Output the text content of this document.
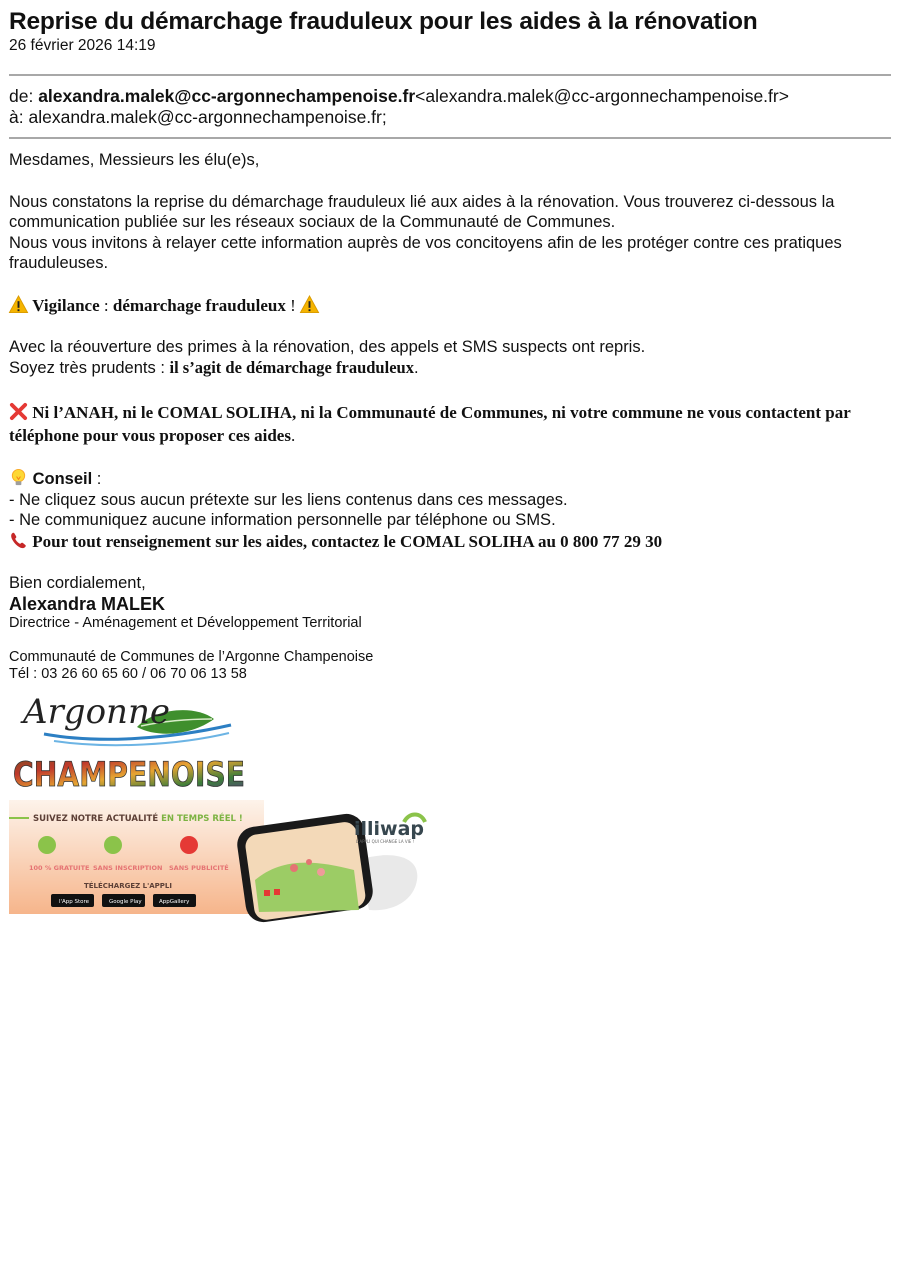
Reprise du démarchage frauduleux pour les aides à la rénovation
26 février 2026 14:19
de: alexandra.malek@cc-argonnechampenoise.fr<alexandra.malek@cc-argonnechampenoise.fr>
à: alexandra.malek@cc-argonnechampenoise.fr;
Mesdames, Messieurs les élu(e)s,
Nous constatons la reprise du démarchage frauduleux lié aux aides à la rénovation. Vous trouverez ci-dessous la
communication publiée sur les réseaux sociaux de la Communauté de Communes.
Nous vous invitons à relayer cette information auprès de vos concitoyens afin de les protéger contre ces pratiques
frauduleuses.
Vigilance : démarchage frauduleux !
Avec la réouverture des primes à la rénovation, des appels et SMS suspects ont repris.
Soyez très prudents : il s’agit de démarchage frauduleux.
Ni l’ANAH, ni le COMAL SOLIHA, ni la Communauté de Communes, ni votre commune ne vous contactent par
téléphone pour vous proposer ces aides.
Conseil :
- Ne cliquez sous aucun prétexte sur les liens contenus dans ces messages.
- Ne communiquez aucune information personnelle par téléphone ou SMS.
Pour tout renseignement sur les aides, contactez le COMAL SOLIHA au 0 800 77 29 30
Bien cordialement,
Alexandra MALEK
Directrice - Aménagement et Développement Territorial
Communauté de Communes de l’Argonne Champenoise
Tél : 03 26 60 65 60 / 06 70 06 13 58
Argonne
CHAMPENOISE
SUIVEZ NOTRE ACTUALITÉ EN TEMPS RÉEL !
100 % GRATUITE SANS INSCRIPTION SANS PUBLICITÉ
TÉLÉCHARGEZ L'APPLI
l'App Store	Google Play	AppGallery
illiwap
L'APPLI QUI CHANGE LA VIE !
